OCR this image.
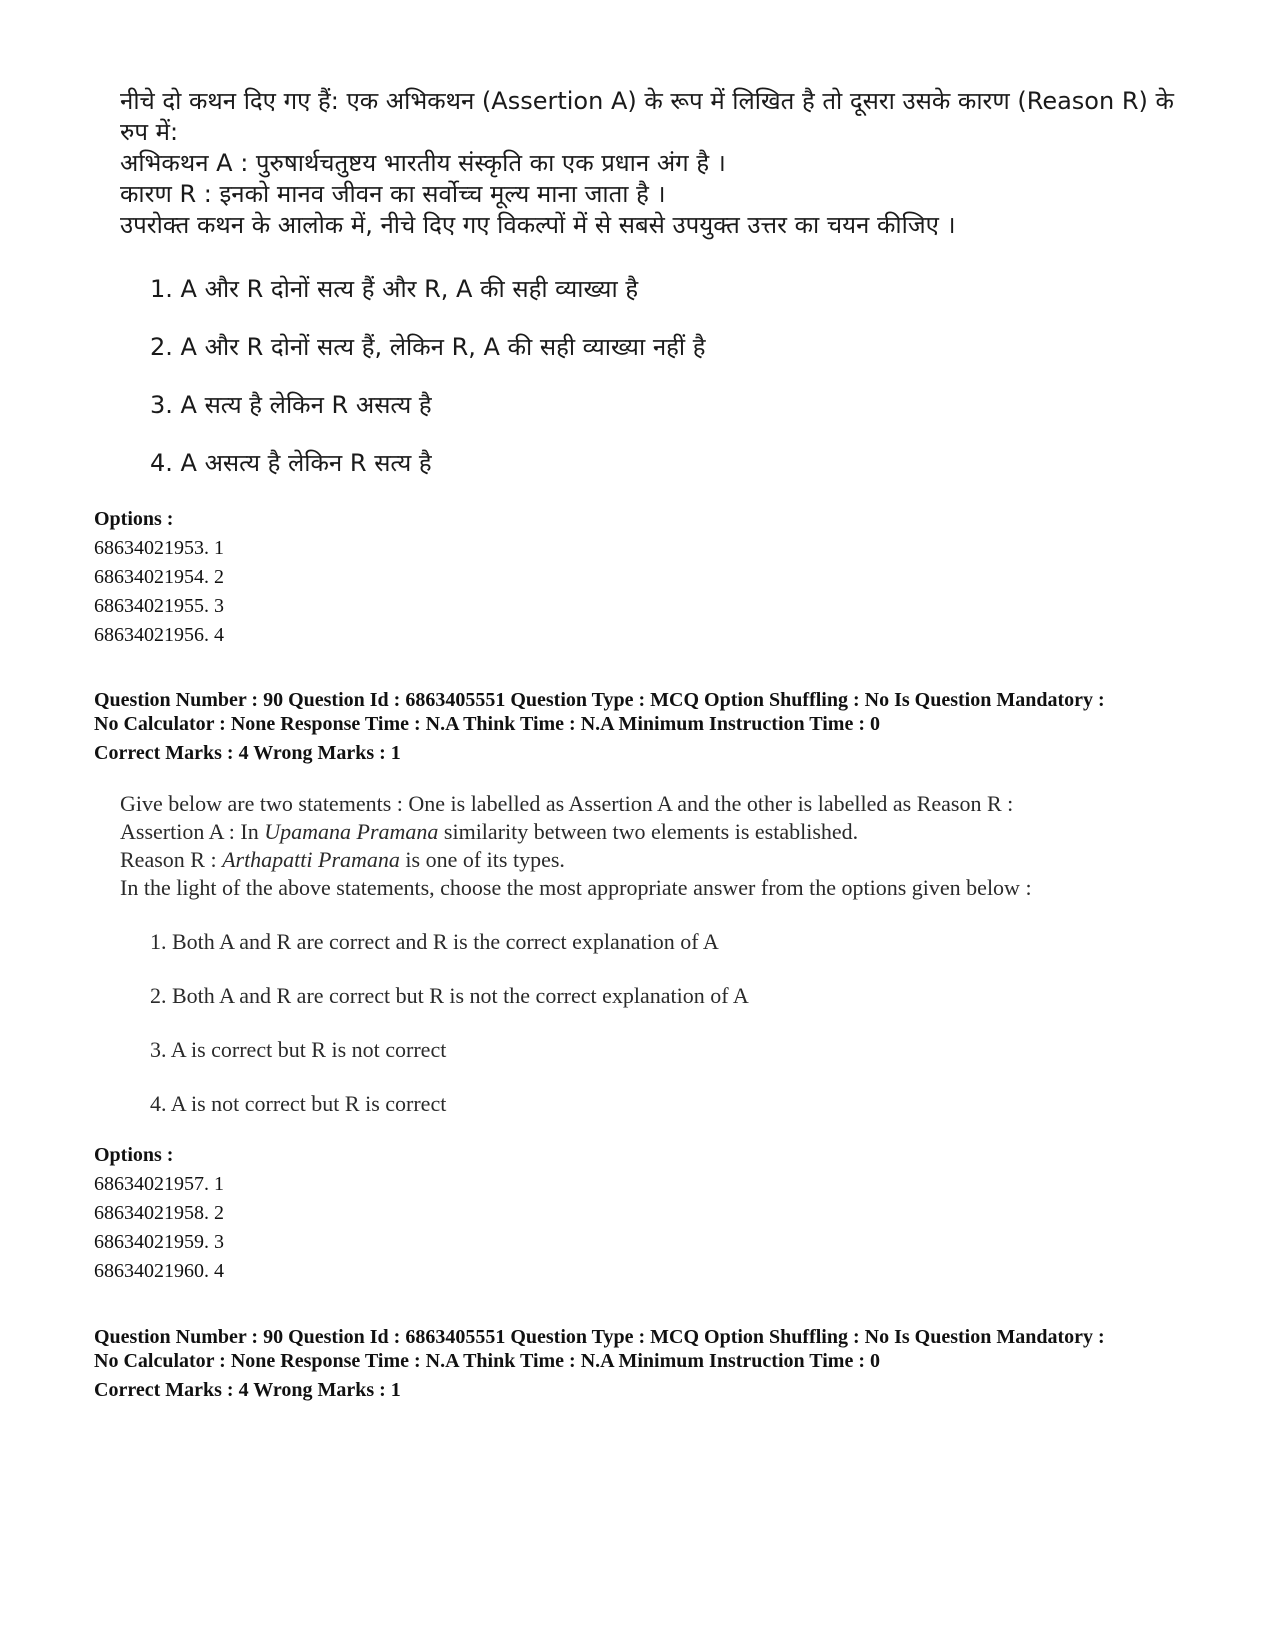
नीचे दो कथन दिए गए हैं: एक अभिकथन (Assertion A) के रूप में लिखित है तो दूसरा उसके कारण (Reason R) के
रुप में:
अभिकथन A : पुरुषार्थचतुष्टय भारतीय संस्कृति का एक प्रधान अंग है ।
कारण R : इनको मानव जीवन का सर्वोच्च मूल्य माना जाता है ।
उपरोक्त कथन के आलोक में, नीचे दिए गए विकल्पों में से सबसे उपयुक्त उत्तर का चयन कीजिए ।
1. A और R दोनों सत्य हैं और R, A की सही व्याख्या है
2. A और R दोनों सत्य हैं, लेकिन R, A की सही व्याख्या नहीं है
3. A सत्य है लेकिन R असत्य है
4. A असत्य है लेकिन R सत्य है
Options :
68634021953. 1
68634021954. 2
68634021955. 3
68634021956. 4
Question Number : 90 Question Id : 6863405551 Question Type : MCQ Option Shuffling : No Is Question Mandatory :
No Calculator : None Response Time : N.A Think Time : N.A Minimum Instruction Time : 0
Correct Marks : 4 Wrong Marks : 1
Give below are two statements : One is labelled as Assertion A and the other is labelled as Reason R :
Assertion A : In Upamana Pramana similarity between two elements is established.
Reason R : Arthapatti Pramana is one of its types.
In the light of the above statements, choose the most appropriate answer from the options given below :
1. Both A and R are correct and R is the correct explanation of A
2. Both A and R are correct but R is not the correct explanation of A
3. A is correct but R is not correct
4. A is not correct but R is correct
Options :
68634021957. 1
68634021958. 2
68634021959. 3
68634021960. 4
Question Number : 90 Question Id : 6863405551 Question Type : MCQ Option Shuffling : No Is Question Mandatory :
No Calculator : None Response Time : N.A Think Time : N.A Minimum Instruction Time : 0
Correct Marks : 4 Wrong Marks : 1
